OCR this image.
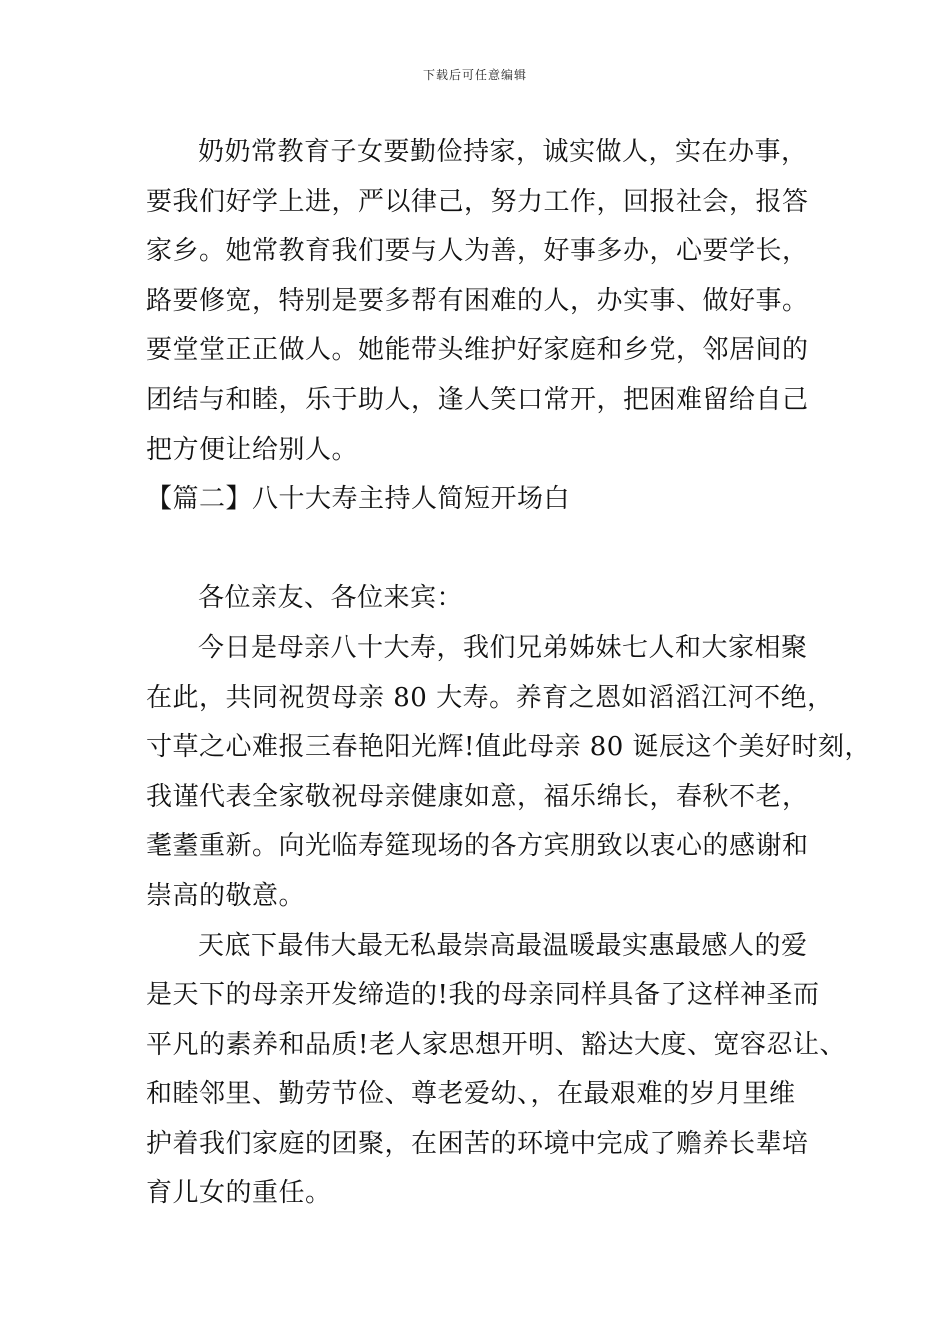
下载后可任意编辑
奶奶常教育子女要勤俭持家，诚实做人，实在办事，
要我们好学上进，严以律己，努力工作，回报社会，报答
家乡。她常教育我们要与人为善，好事多办，心要学长，
路要修宽，特别是要多帮有困难的人，办实事、做好事。
要堂堂正正做人。她能带头维护好家庭和乡党，邻居间的
团结与和睦，乐于助人，逢人笑口常开，把困难留给自己
把方便让给别人。
【篇二】八十大寿主持人简短开场白
各位亲友、各位来宾：
今日是母亲八十大寿，我们兄弟姊妹七人和大家相聚
在此，共同祝贺母亲 80 大寿。养育之恩如滔滔江河不绝，
寸草之心难报三春艳阳光辉!值此母亲 80 诞辰这个美好时刻，
我谨代表全家敬祝母亲健康如意，福乐绵长，春秋不老，
耄耋重新。向光临寿筵现场的各方宾朋致以衷心的感谢和
崇高的敬意。
天底下最伟大最无私最崇高最温暖最实惠最感人的爱
是天下的母亲开发缔造的!我的母亲同样具备了这样神圣而
平凡的素养和品质!老人家思想开明、豁达大度、宽容忍让、
和睦邻里、勤劳节俭、尊老爱幼、，在最艰难的岁月里维
护着我们家庭的团聚，在困苦的环境中完成了赡养长辈培
育儿女的重任。
